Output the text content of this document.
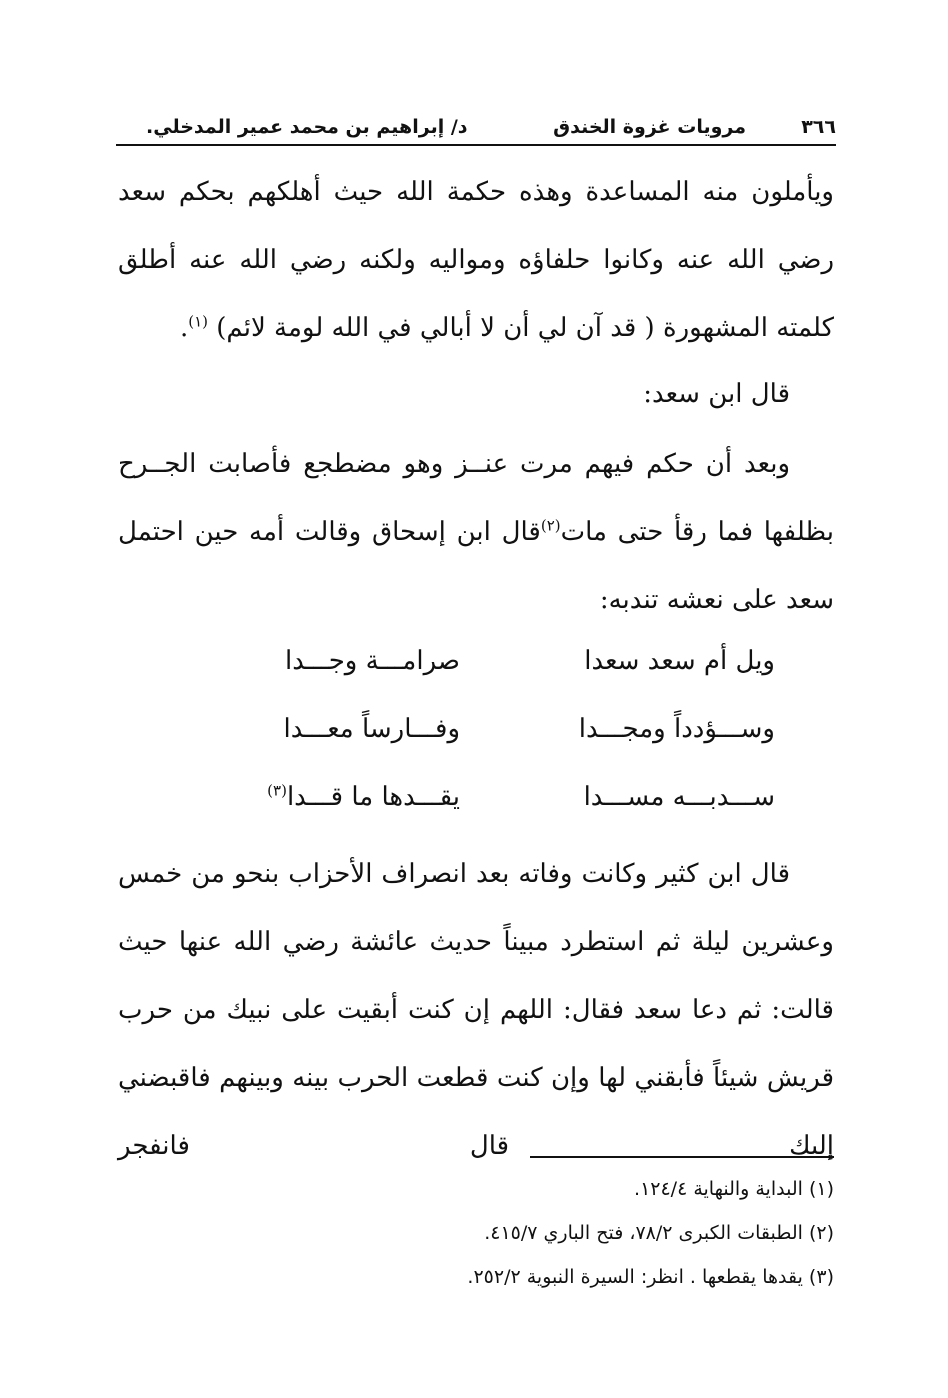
٣٦٦
مرويات غزوة الخندق
د/ إبراهيم بن محمد عمير المدخلي.

ويأملون منه المساعدة وهذه حكمة الله حيث أهلكهم بحكم سعد رضي الله عنه وكانوا حلفاؤه ومواليه ولكنه رضي الله عنه أطلق كلمته المشهورة ( قد آن لي أن لا أبالي في الله لومة لائم) $^{(١)}$.

قال ابن سعد:

وبعد أن حكم فيهم مرت عنــز وهو مضطجع فأصابت الجــرح بظلفها فما رقأ حتى مات$^{(٢)}$قال ابن إسحاق وقالت أمه حين احتمل سعد على نعشه تندبه:

ويل أم سعد سعدا
صرامـــة وجـــدا
وســـؤدداً ومجـــدا
وفـــارساً معـــدا
ســـدبـــه مســـدا
يقـــدها ما قـــدا$^{(٣)}$

قال ابن كثير وكانت وفاته بعد انصراف الأحزاب بنحو من خمس وعشرين ليلة ثم استطرد مبيناً حديث عائشة رضي الله عنها حيث قالت: ثم دعا سعد فقال: اللهم إن كنت أبقيت على نبيك من حرب قريش شيئاً فأبقني لها وإن كنت قطعت الحرب بينه وبينهم فاقبضني إليك قال فانفجر

(١) البداية والنهاية ١٢٤/٤.
(٢) الطبقات الكبرى ٧٨/٢، فتح الباري ٤١٥/٧.
(٣) يقدها يقطعها . انظر: السيرة النبوية ٢٥٢/٢.
